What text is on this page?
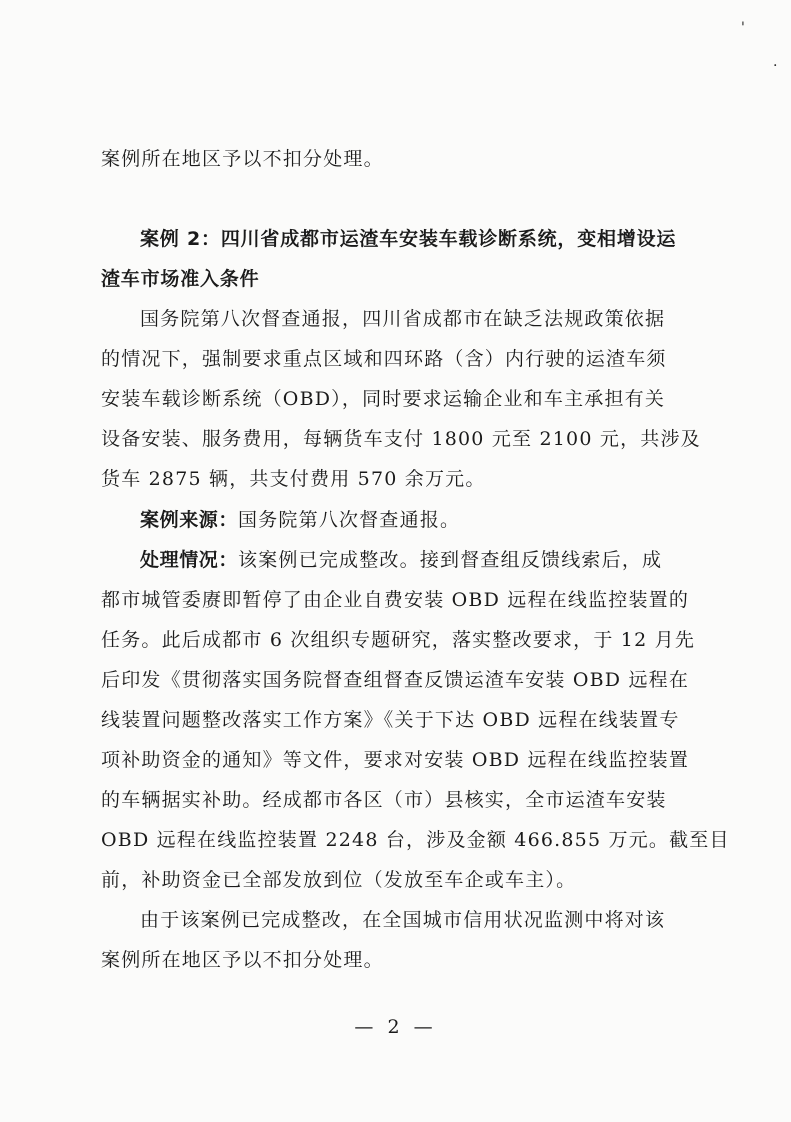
'
.
案例所在地区予以不扣分处理。
案例 2：四川省成都市运渣车安装车载诊断系统，变相增设运
渣车市场准入条件
国务院第八次督查通报，四川省成都市在缺乏法规政策依据
的情况下，强制要求重点区域和四环路（含）内行驶的运渣车须
安装车载诊断系统（OBD），同时要求运输企业和车主承担有关
设备安装、服务费用，每辆货车支付 1800 元至 2100 元，共涉及
货车 2875 辆，共支付费用 570 余万元。
案例来源：国务院第八次督查通报。
处理情况：该案例已完成整改。接到督查组反馈线索后，成
都市城管委赓即暂停了由企业自费安装 OBD 远程在线监控装置的
任务。此后成都市 6 次组织专题研究，落实整改要求，于 12 月先
后印发《贯彻落实国务院督查组督查反馈运渣车安装 OBD 远程在
线装置问题整改落实工作方案》《关于下达 OBD 远程在线装置专
项补助资金的通知》等文件，要求对安装 OBD 远程在线监控装置
的车辆据实补助。经成都市各区（市）县核实，全市运渣车安装
OBD 远程在线监控装置 2248 台，涉及金额 466.855 万元。截至目
前，补助资金已全部发放到位（发放至车企或车主）。
由于该案例已完成整改，在全国城市信用状况监测中将对该
案例所在地区予以不扣分处理。
— 2 —
